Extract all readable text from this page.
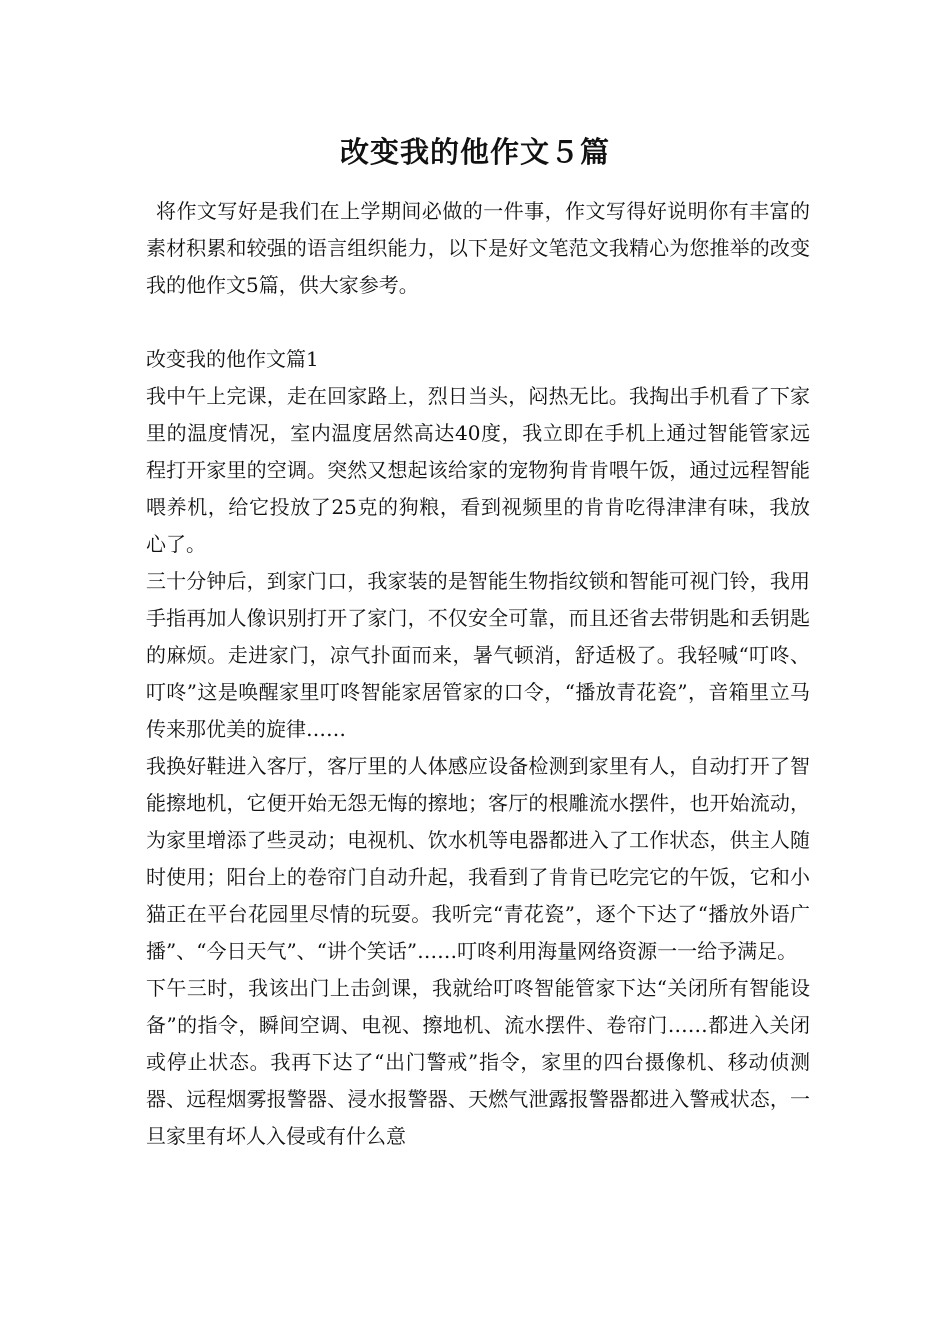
改变我的他作文５篇

将作文写好是我们在上学期间必做的一件事，作文写得好说明你有丰富的素材积累和较强的语言组织能力，以下是好文笔范文我精心为您推举的改变我的他作文5篇，供大家参考。

改变我的他作文篇1

我中午上完课，走在回家路上，烈日当头，闷热无比。我掏出手机看了下家里的温度情况，室内温度居然高达40度，我立即在手机上通过智能管家远程打开家里的空调。突然又想起该给家的宠物狗肯肯喂午饭，通过远程智能喂养机，给它投放了25克的狗粮，看到视频里的肯肯吃得津津有味，我放心了。

三十分钟后，到家门口，我家装的是智能生物指纹锁和智能可视门铃，我用手指再加人像识别打开了家门，不仅安全可靠，而且还省去带钥匙和丢钥匙的麻烦。走进家门，凉气扑面而来，暑气顿消，舒适极了。我轻喊“叮咚、叮咚”这是唤醒家里叮咚智能家居管家的口令，“播放青花瓷”，音箱里立马传来那优美的旋律……

我换好鞋进入客厅，客厅里的人体感应设备检测到家里有人，自动打开了智能擦地机，它便开始无怨无悔的擦地；客厅的根雕流水摆件，也开始流动，为家里增添了些灵动；电视机、饮水机等电器都进入了工作状态，供主人随时使用；阳台上的卷帘门自动升起，我看到了肯肯已吃完它的午饭，它和小猫正在平台花园里尽情的玩耍。我听完“青花瓷”，逐个下达了“播放外语广播”、“今日天气”、“讲个笑话”……叮咚利用海量网络资源一一给予满足。

下午三时，我该出门上击剑课，我就给叮咚智能管家下达“关闭所有智能设备”的指令，瞬间空调、电视、擦地机、流水摆件、卷帘门……都进入关闭或停止状态。我再下达了“出门警戒”指令，家里的四台摄像机、移动侦测器、远程烟雾报警器、浸水报警器、天燃气泄露报警器都进入警戒状态，一旦家里有坏人入侵或有什么意
